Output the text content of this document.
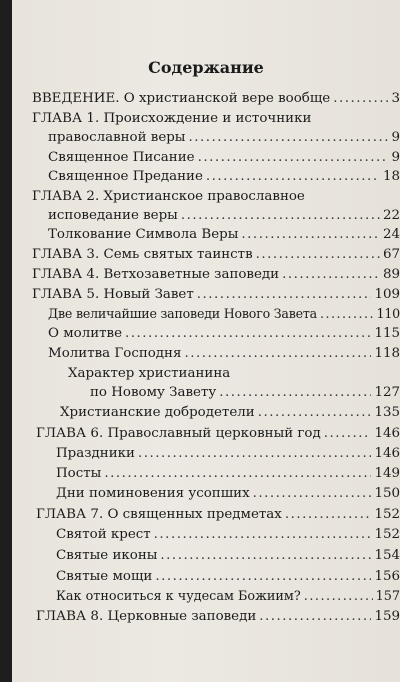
Содержание
ВВЕДЕНИЕ. О христианской вере вообще .....	3
ГЛАВА 1. Происхождение и источники
православной веры .....	9
Священное Писание .....	9
Священное Предание .....	18
ГЛАВА 2. Христианское православное
исповедание веры .....	22
Толкование Символа Веры .....	24
ГЛАВА 3. Семь святых таинств .....	67
ГЛАВА 4. Ветхозаветные заповеди .....	89
ГЛАВА 5. Новый Завет .....	109
Две величайшие заповеди Нового Завета .....	110
О молитве .....	115
Молитва Господня .....	118
Характер христианина
по Новому Завету .....	127
Христианские добродетели .....	135
ГЛАВА 6. Православный церковный год .....	146
Праздники .....	146
Посты .....	149
Дни поминовения усопших .....	150
ГЛАВА 7. О священных предметах .....	152
Святой крест .....	152
Святые иконы .....	154
Святые мощи .....	156
Как относиться к чудесам Божиим? .....	157
ГЛАВА 8. Церковные заповеди .....	159
